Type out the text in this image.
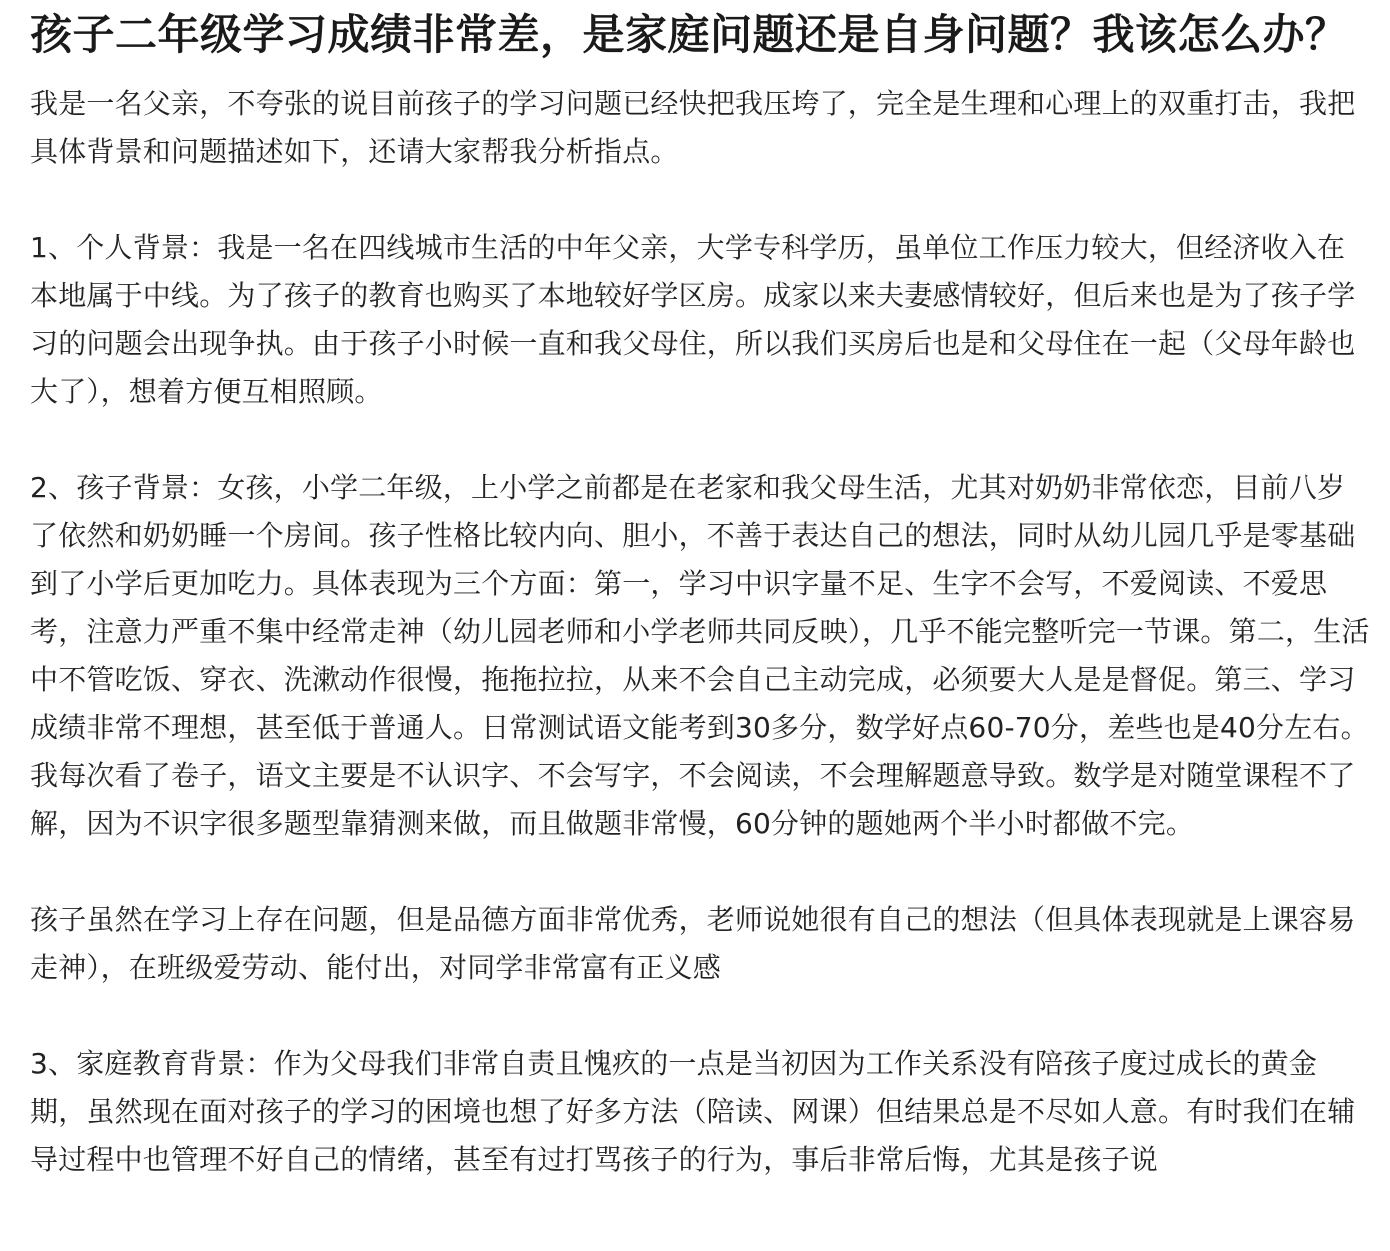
孩子二年级学习成绩非常差，是家庭问题还是自身问题？我该怎么办？

我是一名父亲，不夸张的说目前孩子的学习问题已经快把我压垮了，完全是生理和心理上的双重打击，我把具体背景和问题描述如下，还请大家帮我分析指点。

1、个人背景：我是一名在四线城市生活的中年父亲，大学专科学历，虽单位工作压力较大，但经济收入在本地属于中线。为了孩子的教育也购买了本地较好学区房。成家以来夫妻感情较好，但后来也是为了孩子学习的问题会出现争执。由于孩子小时候一直和我父母住，所以我们买房后也是和父母住在一起（父母年龄也大了），想着方便互相照顾。

2、孩子背景：女孩，小学二年级，上小学之前都是在老家和我父母生活，尤其对奶奶非常依恋，目前八岁了依然和奶奶睡一个房间。孩子性格比较内向、胆小，不善于表达自己的想法，同时从幼儿园几乎是零基础到了小学后更加吃力。具体表现为三个方面：第一，学习中识字量不足、生字不会写，不爱阅读、不爱思考，注意力严重不集中经常走神（幼儿园老师和小学老师共同反映），几乎不能完整听完一节课。第二，生活中不管吃饭、穿衣、洗漱动作很慢，拖拖拉拉，从来不会自己主动完成，必须要大人是是督促。第三、学习成绩非常不理想，甚至低于普通人。日常测试语文能考到30多分，数学好点60-70分，差些也是40分左右。我每次看了卷子，语文主要是不认识字、不会写字，不会阅读，不会理解题意导致。数学是对随堂课程不了解，因为不识字很多题型靠猜测来做，而且做题非常慢，60分钟的题她两个半小时都做不完。

孩子虽然在学习上存在问题，但是品德方面非常优秀，老师说她很有自己的想法（但具体表现就是上课容易走神），在班级爱劳动、能付出，对同学非常富有正义感

3、家庭教育背景：作为父母我们非常自责且愧疚的一点是当初因为工作关系没有陪孩子度过成长的黄金期，虽然现在面对孩子的学习的困境也想了好多方法（陪读、网课）但结果总是不尽如人意。有时我们在辅导过程中也管理不好自己的情绪，甚至有过打骂孩子的行为，事后非常后悔，尤其是孩子说
